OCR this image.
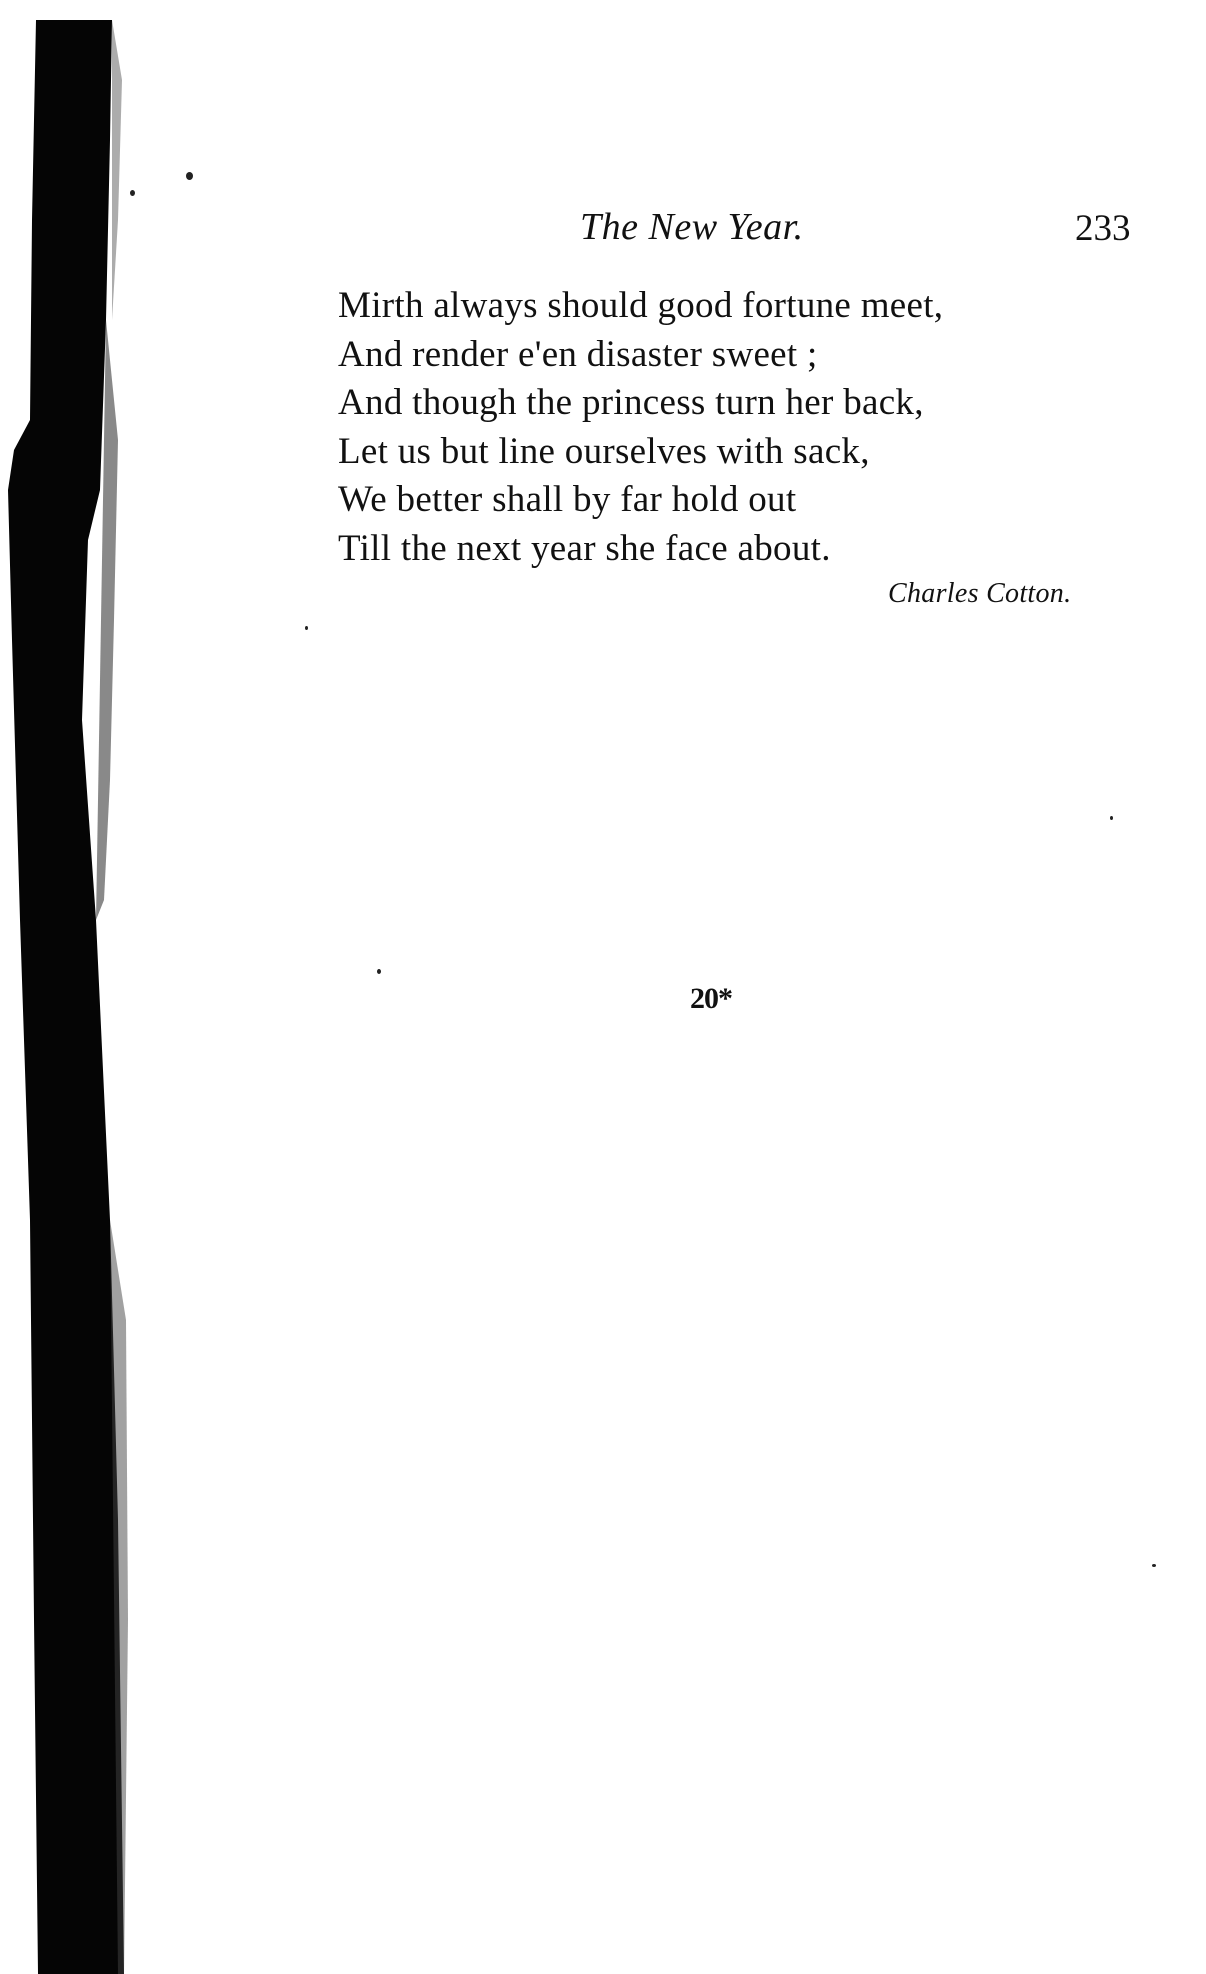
The New Year.	233
Mirth always should good fortune meet,
And render e'en disaster sweet ;
And though the princess turn her back,
Let us but line ourselves with sack,
We better shall by far hold out
Till the next year she face about.
Charles Cotton.
20*
